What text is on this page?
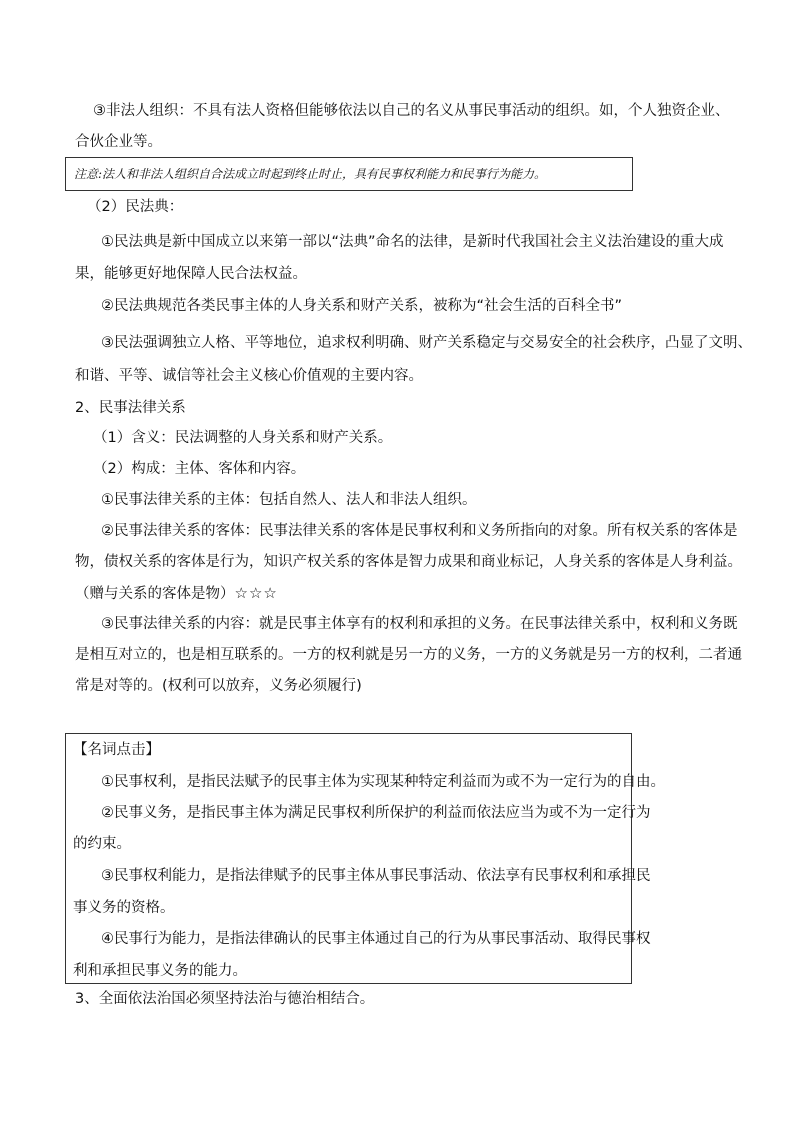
③非法人组织：不具有法人资格但能够依法以自己的名义从事民事活动的组织。如，个人独资企业、
合伙企业等。
注意:法人和非法人组织自合法成立时起到终止时止，具有民事权利能力和民事行为能力。
（2）民法典：
①民法典是新中国成立以来第一部以“法典”命名的法律，是新时代我国社会主义法治建设的重大成
果，能够更好地保障人民合法权益。
②民法典规范各类民事主体的人身关系和财产关系，被称为“社会生活的百科全书”
③民法强调独立人格、平等地位，追求权利明确、财产关系稳定与交易安全的社会秩序，凸显了文明、
和谐、平等、诚信等社会主义核心价值观的主要内容。
2、民事法律关系
（1）含义：民法调整的人身关系和财产关系。
（2）构成：主体、客体和内容。
①民事法律关系的主体：包括自然人、法人和非法人组织。
②民事法律关系的客体：民事法律关系的客体是民事权利和义务所指向的对象。所有权关系的客体是
物，债权关系的客体是行为，知识产权关系的客体是智力成果和商业标记，人身关系的客体是人身利益。
（赠与关系的客体是物）☆☆☆
③民事法律关系的内容：就是民事主体享有的权利和承担的义务。在民事法律关系中，权利和义务既
是相互对立的，也是相互联系的。一方的权利就是另一方的义务，一方的义务就是另一方的权利，二者通
常是对等的。(权利可以放弃，义务必须履行)
【名词点击】
①民事权利，是指民法赋予的民事主体为实现某种特定利益而为或不为一定行为的自由。
②民事义务，是指民事主体为满足民事权利所保护的利益而依法应当为或不为一定行为
的约束。
③民事权利能力，是指法律赋予的民事主体从事民事活动、依法享有民事权利和承担民
事义务的资格。
④民事行为能力，是指法律确认的民事主体通过自己的行为从事民事活动、取得民事权
利和承担民事义务的能力。
3、全面依法治国必须坚持法治与德治相结合。
